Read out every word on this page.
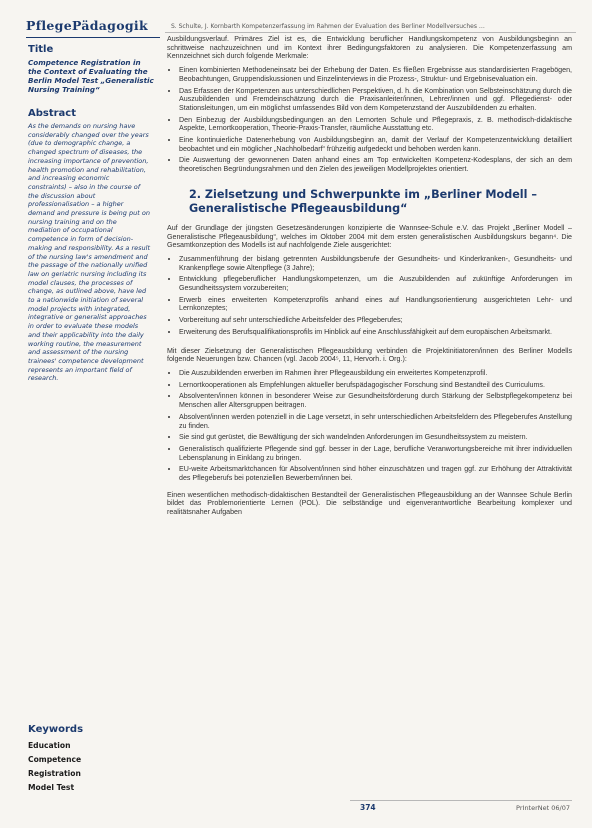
PflegePädagogik
Title
Competence Registration in the Context of Evaluating the Berlin Model Test „Generalistic Nursing Training“
Abstract
As the demands on nursing have considerably changed over the years (due to demographic change, a changed spectrum of diseases, the increasing importance of prevention, health promotion and rehabilitation, and increasing economic constraints) – also in the course of the discussion about professionalisation – a higher demand and pressure is being put on nursing training and on the mediation of occupational competence in form of decision-making and responsibility. As a result of the nursing law's amendment and the passage of the nationally unified law on geriatric nursing including its model clauses, the processes of change, as outlined above, have led to a nationwide initiation of several model projects with integrated, integrative or generalist approaches in order to evaluate these models and their applicability into the daily working routine, the measurement and assessment of the nursing trainees' competence development represents an important field of research.
Keywords
Education
Competence
Registration
Model Test
S. Schulte, J. Kornbarth Kompetenzerfassung im Rahmen der Evaluation des Berliner Modellversuches …

Ausbildungsverlauf. Primäres Ziel ist es, die Entwicklung beruflicher Handlungskompetenz von Ausbildungsbeginn an schrittweise nachzuzeichnen und im Kontext ihrer Bedingungsfaktoren zu analysieren. Die Kompetenzerfassung am Kennzeichnet sich durch folgende Merkmale:

• Einen kombinierten Methodeneinsatz bei der Erhebung der Daten. Es fließen Ergebnisse aus standardisierten Fragebögen, Beobachtungen, Gruppendiskussionen und Einzelinterviews in die Prozess-, Struktur- und Ergebnisevaluation ein.
• Das Erfassen der Kompetenzen aus unterschiedlichen Perspektiven, d. h. die Kombination von Selbsteinschätzung durch die Auszubildenden und Fremdeinschätzung durch die Praxisanleiter/innen, Lehrer/innen und ggf. Pflegedienst- oder Stationsleitungen, um ein möglichst umfassendes Bild von dem Kompetenzstand der Auszubildenden zu erhalten.
• Den Einbezug der Ausbildungsbedingungen an den Lernorten Schule und Pflegepraxis, z. B. methodisch-didaktische Aspekte, Lernortkooperation, Theorie-Praxis-Transfer, räumliche Ausstattung etc.
• Eine kontinuierliche Datenerhebung von Ausbildungsbeginn an, damit der Verlauf der Kompetenzentwicklung detailliert beobachtet und ein möglicher „Nachholbedarf“ frühzeitig aufgedeckt und behoben werden kann.
• Die Auswertung der gewonnenen Daten anhand eines am Top entwickelten Kompetenz-Kodesplans, der sich an dem theoretischen Begründungsrahmen und den Zielen des jeweiligen Modellprojektes orientiert.
2. Zielsetzung und Schwerpunkte im „Berliner Modell – Generalistische Pflegeausbildung“

Auf der Grundlage der jüngsten Gesetzesänderungen konzipierte die Wannsee-Schule e.V. das Projekt „Berliner Modell – Generalistische Pflegeausbildung“, welches im Oktober 2004 mit dem ersten generalistischen Ausbildungskurs begann⁴. Die Gesamtkonzeption des Modells ist auf nachfolgende Ziele ausgerichtet:

• Zusammenführung der bislang getrennten Ausbildungsberufe der Gesundheits- und Kinderkranken-, Gesundheits- und Krankenpflege sowie Altenpflege (3 Jahre);
• Entwicklung pflegeberuflicher Handlungskompetenzen, um die Auszubildenden auf zukünftige Anforderungen im Gesundheitssystem vorzubereiten;
• Erwerb eines erweiterten Kompetenzprofils anhand eines auf Handlungsorientierung ausgerichteten Lehr- und Lernkonzeptes;
• Vorbereitung auf sehr unterschiedliche Arbeitsfelder des Pflegeberufes;
• Erweiterung des Berufsqualifikationsprofils im Hinblick auf eine Anschlussfähigkeit auf dem europäischen Arbeitsmarkt.

Mit dieser Zielsetzung der Generalistischen Pflegeausbildung verbinden die Projektinitiatoren/innen des Berliner Modells folgende Neuerungen bzw. Chancen (vgl. Jacob 2004⁵, 11, Hervorh. i. Org.):

• Die Auszubildenden erwerben im Rahmen ihrer Pflegeausbildung ein erweitertes Kompetenzprofil.
• Lernortkooperationen als Empfehlungen aktueller berufspädagogischer Forschung sind Bestandteil des Curriculums.
• Absolventen/innen können in besonderer Weise zur Gesundheitsförderung durch Stärkung der Selbstpflegekompetenz bei Menschen aller Altersgruppen beitragen.
• Absolvent/innen werden potenziell in die Lage versetzt, in sehr unterschiedlichen Arbeitsfeldern des Pflegeberufes Anstellung zu finden.
• Sie sind gut gerüstet, die Bewältigung der sich wandelnden Anforderungen im Gesundheitssystem zu meistern.
• Generalistisch qualifizierte Pflegende sind ggf. besser in der Lage, berufliche Veranwortungsbereiche mit ihrer individuellen Lebensplanung in Einklang zu bringen.
• EU-weite Arbeitsmarktchancen für Absolvent/innen sind höher einzuschätzen und tragen ggf. zur Erhöhung der Attraktivität des Pflegeberufs bei potenziellen Bewerbern/innen bei.

Einen wesentlichen methodisch-didaktischen Bestandteil der Generalistischen Pflegeausbildung an der Wannsee Schule Berlin bildet das Problemorientierte Lernen (POL). Die selbständige und eigenverantwortliche Bearbeitung komplexer und realitätsnaher Aufgaben

374	PrInterNet 06/07
